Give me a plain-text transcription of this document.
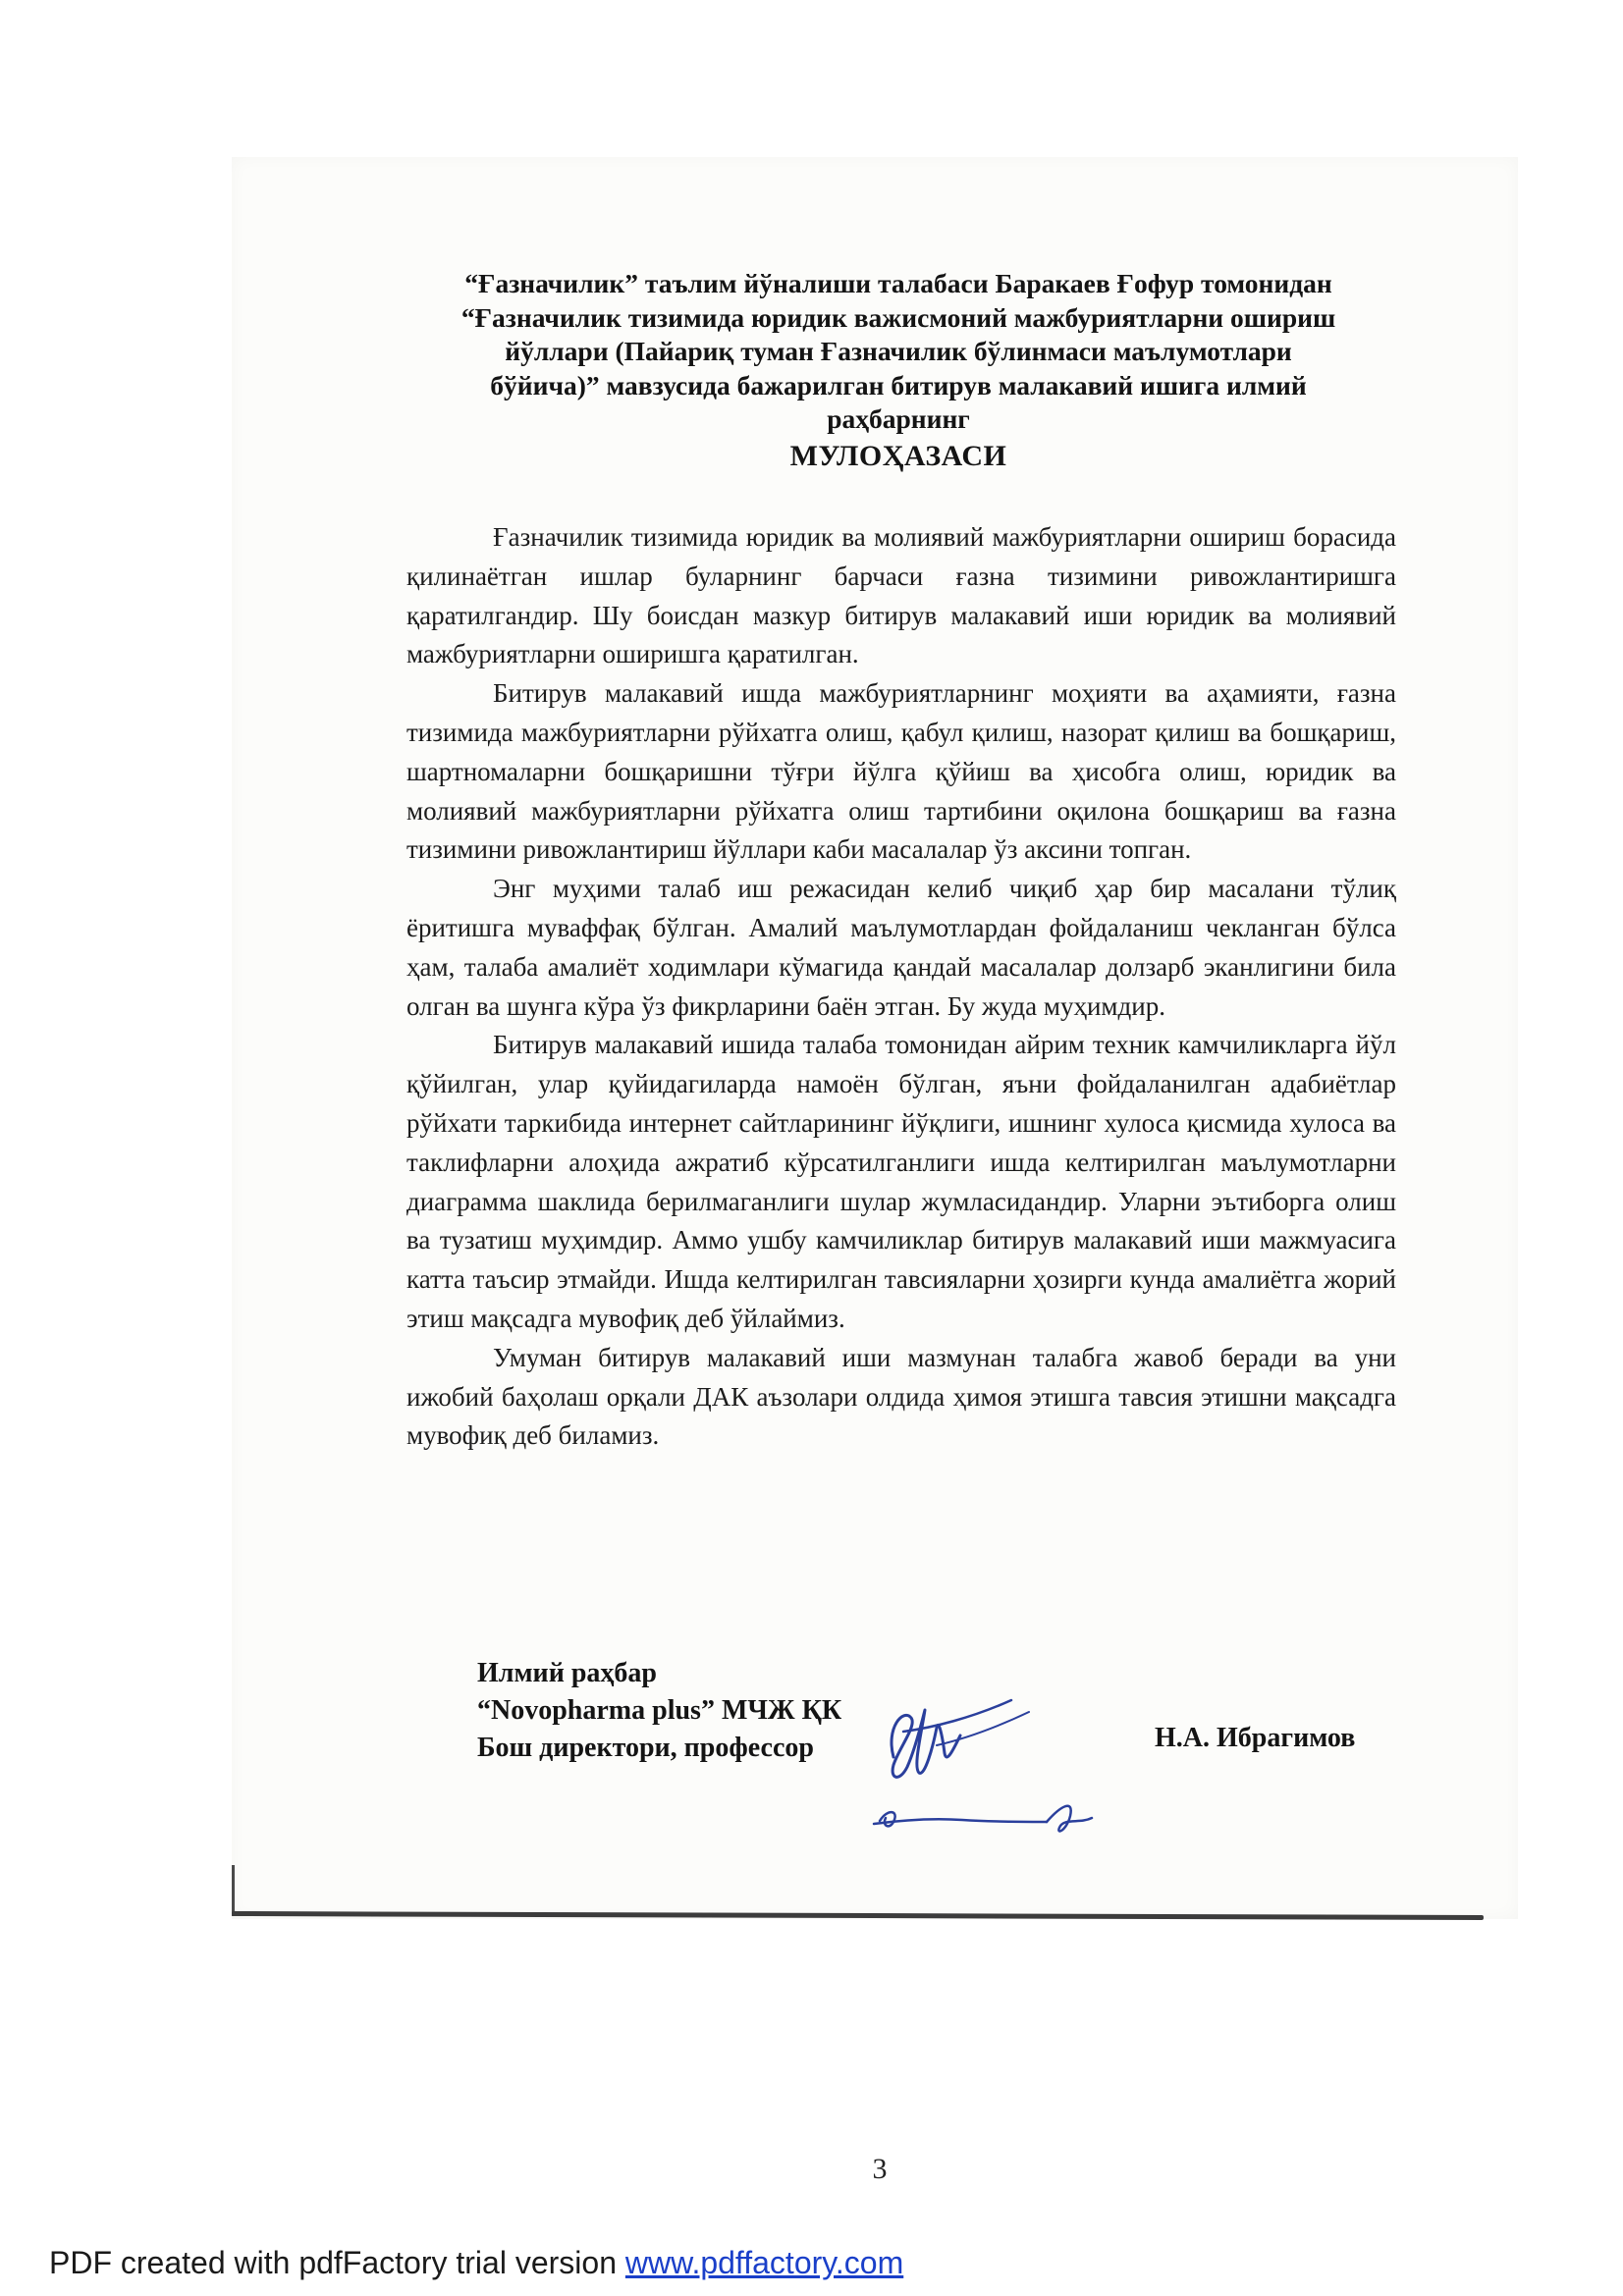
“Ғазначилик” таълим йўналиши талабаси Баракаев Ғофур томонидан
“Ғазначилик тизимида юридик важисмоний мажбуриятларни ошириш
йўллари (Пайариқ туман Ғазначилик бўлинмаси маълумотлари
бўйича)” мавзусида бажарилган битирув малакавий ишига илмий
раҳбарнинг
МУЛОҲАЗАСИ

Ғазначилик тизимида юридик ва молиявий мажбуриятларни ошириш борасида қилинаётган ишлар буларнинг барчаси ғазна тизимини ривожлантиришга қаратилгандир. Шу боисдан мазкур битирув малакавий иши юридик ва молиявий мажбуриятларни оширишга қаратилган.

Битирув малакавий ишда мажбуриятларнинг моҳияти ва аҳамияти, ғазна тизимида мажбуриятларни рўйхатга олиш, қабул қилиш, назорат қилиш ва бошқариш, шартномаларни бошқаришни тўғри йўлга қўйиш ва ҳисобга олиш, юридик ва молиявий мажбуриятларни рўйхатга олиш тартибини оқилона бошқариш ва ғазна тизимини ривожлантириш йўллари каби масалалар ўз аксини топган.

Энг муҳими талаб иш режасидан келиб чиқиб ҳар бир масалани тўлиқ ёритишга муваффақ бўлган. Амалий маълумотлардан фойдаланиш чекланган бўлса ҳам, талаба амалиёт ходимлари кўмагида қандай масалалар долзарб эканлигини била олган ва шунга кўра ўз фикрларини баён этган. Бу жуда муҳимдир.

Битирув малакавий ишида талаба томонидан айрим техник камчиликларга йўл қўйилган, улар қуйидагиларда намоён бўлган, яъни фойдаланилган адабиётлар рўйхати таркибида интернет сайтларининг йўқлиги, ишнинг хулоса қисмида хулоса ва таклифларни алоҳида ажратиб кўрсатилганлиги ишда келтирилган маълумотларни диаграмма шаклида берилмаганлиги шулар жумласидандир. Уларни эътиборга олиш ва тузатиш муҳимдир. Аммо ушбу камчиликлар битирув малакавий иши мажмуасига катта таъсир этмайди. Ишда келтирилган тавсияларни ҳозирги кунда амалиётга жорий этиш мақсадга мувофиқ деб ўйлаймиз.

Умуман битирув малакавий иши мазмунан талабга жавоб беради ва уни ижобий баҳолаш орқали ДАК аъзолари олдида ҳимоя этишга тавсия этишни мақсадга мувофиқ деб биламиз.

Илмий раҳбар
“Novopharma plus” МЧЖ ҚК
Бош директори, профессор	Н.А. Ибрагимов
3
PDF created with pdfFactory trial version www.pdffactory.com
